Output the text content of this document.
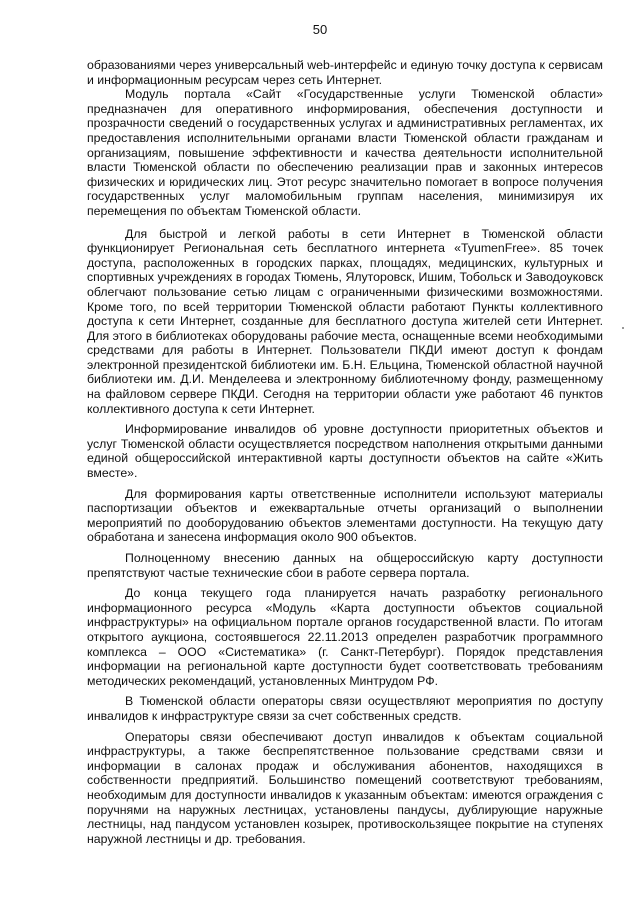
50

образованиями через универсальный web-интерфейс и единую точку доступа к сервисам и информационным ресурсам через сеть Интернет.

Модуль портала «Сайт «Государственные услуги Тюменской области» предназначен для оперативного информирования, обеспечения доступности и прозрачности сведений о государственных услугах и административных регламентах, их предоставления исполнительными органами власти Тюменской области гражданам и организациям, повышение эффективности и качества деятельности исполнительной власти Тюменской области по обеспечению реализации прав и законных интересов физических и юридических лиц. Этот ресурс значительно помогает в вопросе получения государственных услуг маломобильным группам населения, минимизируя их перемещения по объектам Тюменской области.

Для быстрой и легкой работы в сети Интернет в Тюменской области функционирует Региональная сеть бесплатного интернета «TyumenFree». 85 точек доступа, расположенных в городских парках, площадях, медицинских, культурных и спортивных учреждениях в городах Тюмень, Ялуторовск, Ишим, Тобольск и Заводоуковск облегчают пользование сетью лицам с ограниченными физическими возможностями. Кроме того, по всей территории Тюменской области работают Пункты коллективного доступа к сети Интернет, созданные для бесплатного доступа жителей сети Интернет. Для этого в библиотеках оборудованы рабочие места, оснащенные всеми необходимыми средствами для работы в Интернет. Пользователи ПКДИ имеют доступ к фондам электронной президентской библиотеки им. Б.Н. Ельцина, Тюменской областной научной библиотеки им. Д.И. Менделеева и электронному библиотечному фонду, размещенному на файловом сервере ПКДИ. Сегодня на территории области уже работают 46 пунктов коллективного доступа к сети Интернет.

Информирование инвалидов об уровне доступности приоритетных объектов и услуг Тюменской области осуществляется посредством наполнения открытыми данными единой общероссийской интерактивной карты доступности объектов на сайте «Жить вместе».

Для формирования карты ответственные исполнители используют материалы паспортизации объектов и ежеквартальные отчеты организаций о выполнении мероприятий по дооборудованию объектов элементами доступности. На текущую дату обработана и занесена информация около 900 объектов.

Полноценному внесению данных на общероссийскую карту доступности препятствуют частые технические сбои в работе сервера портала.

До конца текущего года планируется начать разработку регионального информационного ресурса «Модуль «Карта доступности объектов социальной инфраструктуры» на официальном портале органов государственной власти. По итогам открытого аукциона, состоявшегося 22.11.2013 определен разработчик программного комплекса – ООО «Систематика» (г. Санкт-Петербург). Порядок представления информации на региональной карте доступности будет соответствовать требованиям методических рекомендаций, установленных Минтрудом РФ.

В Тюменской области операторы связи осуществляют мероприятия по доступу инвалидов к инфраструктуре связи за счет собственных средств.

Операторы связи обеспечивают доступ инвалидов к объектам социальной инфраструктуры, а также беспрепятственное пользование средствами связи и информации в салонах продаж и обслуживания абонентов, находящихся в собственности предприятий. Большинство помещений соответствуют требованиям, необходимым для доступности инвалидов к указанным объектам: имеются ограждения с поручнями на наружных лестницах, установлены пандусы, дублирующие наружные лестницы, над пандусом установлен козырек, противоскользящее покрытие на ступенях наружной лестницы и др. требования.
